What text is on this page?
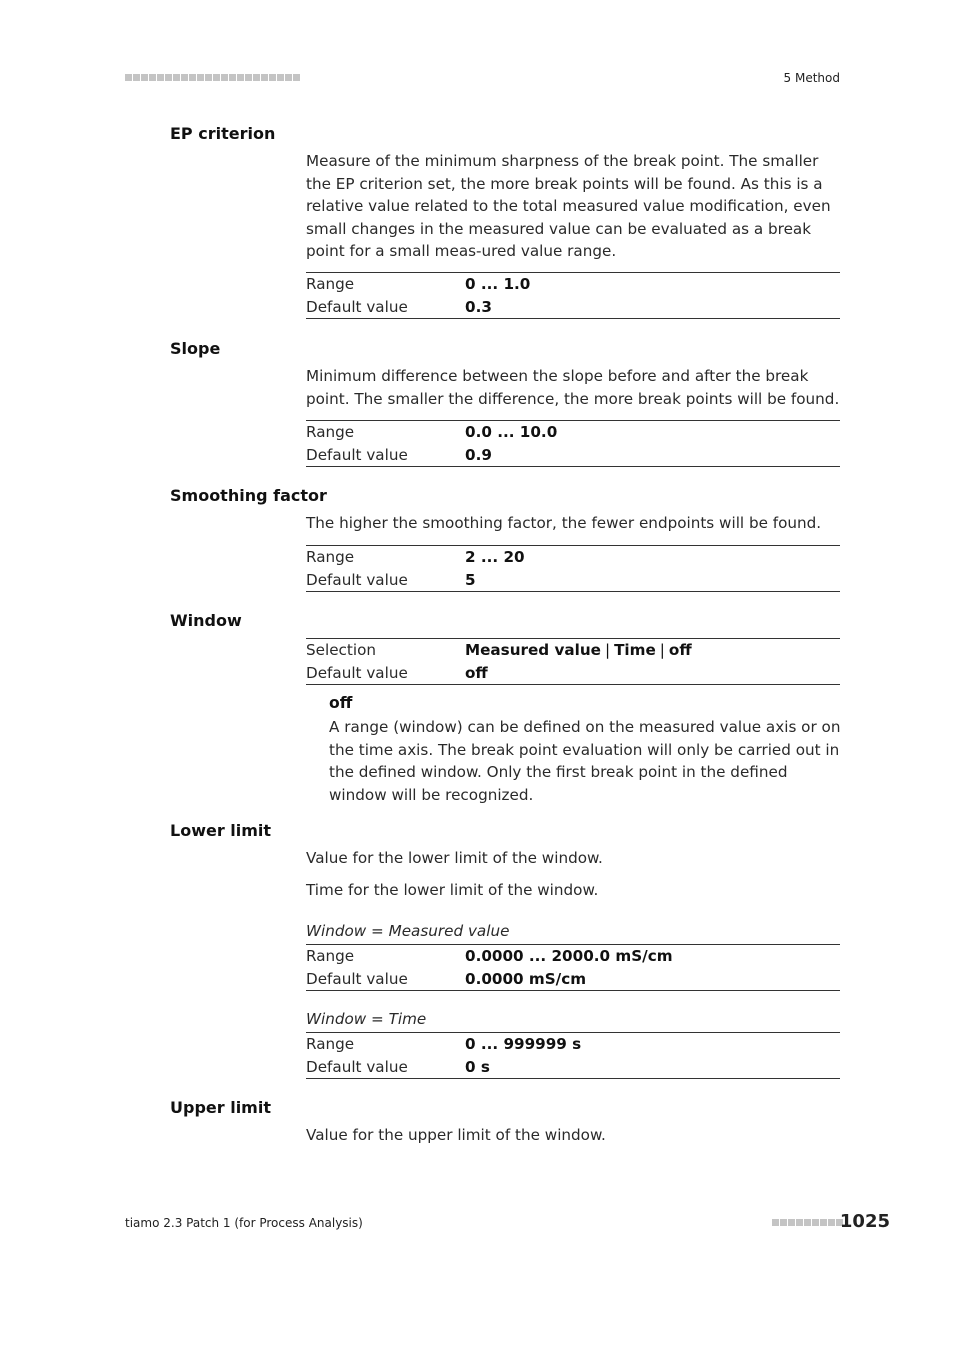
5 Method
EP criterion
Measure of the minimum sharpness of the break point. The smaller the EP criterion set, the more break points will be found. As this is a relative value related to the total measured value modification, even small changes in the measured value can be evaluated as a break point for a small meas-ured value range.
Range	0 ... 1.0
Default value	0.3
Slope
Minimum difference between the slope before and after the break point. The smaller the difference, the more break points will be found.
Range	0.0 ... 10.0
Default value	0.9
Smoothing factor
The higher the smoothing factor, the fewer endpoints will be found.
Range	2 ... 20
Default value	5
Window
Selection	Measured value | Time | off
Default value	off
off
A range (window) can be defined on the measured value axis or on the time axis. The break point evaluation will only be carried out in the defined window. Only the first break point in the defined window will be recognized.
Lower limit
Value for the lower limit of the window.
Time for the lower limit of the window.
Window = Measured value
Range	0.0000 ... 2000.0 mS/cm
Default value	0.0000 mS/cm
Window = Time
Range	0 ... 999999 s
Default value	0 s
Upper limit
Value for the upper limit of the window.
tiamo 2.3 Patch 1 (for Process Analysis)	1025
